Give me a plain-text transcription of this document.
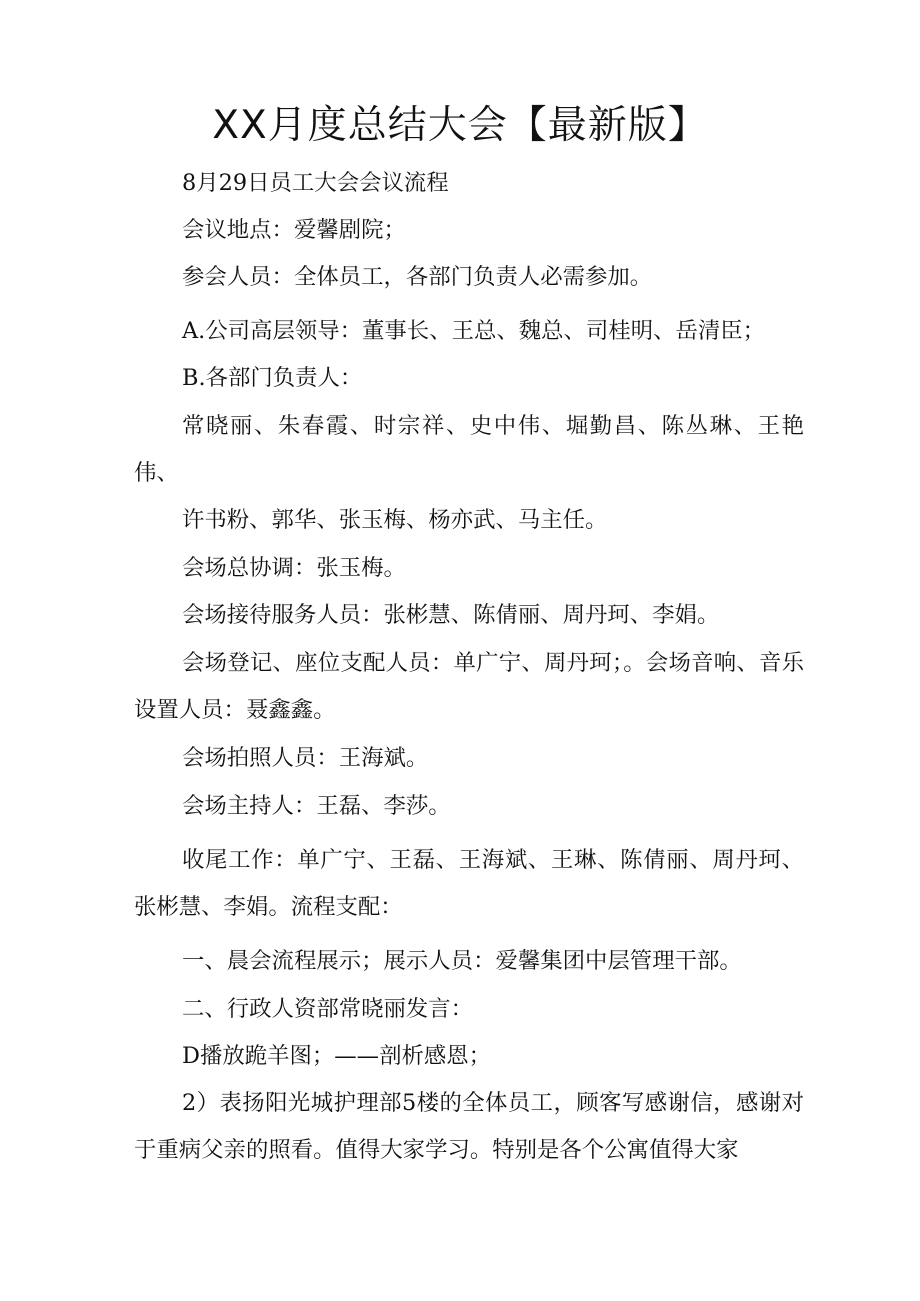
XX月度总结大会【最新版】

8月29日员工大会会议流程

会议地点：爱馨剧院；

参会人员：全体员工，各部门负责人必需参加。

A.公司高层领导：董事长、王总、魏总、司桂明、岳清臣；

B.各部门负责人：

常晓丽、朱春霞、时宗祥、史中伟、堀勤昌、陈丛琳、王艳伟、

许书粉、郭华、张玉梅、杨亦武、马主任。

会场总协调：张玉梅。

会场接待服务人员：张彬慧、陈倩丽、周丹珂、李娟。

会场登记、座位支配人员：单广宁、周丹珂；。会场音响、音乐设置人员：聂鑫鑫。

会场拍照人员：王海斌。

会场主持人：王磊、李莎。

收尾工作：单广宁、王磊、王海斌、王琳、陈倩丽、周丹珂、张彬慧、李娟。流程支配：

一、晨会流程展示；展示人员：爱馨集团中层管理干部。

二、行政人资部常晓丽发言：

D播放跪羊图；——剖析感恩；

2）表扬阳光城护理部5楼的全体员工，顾客写感谢信，感谢对于重病父亲的照看。值得大家学习。特别是各个公寓值得大家
